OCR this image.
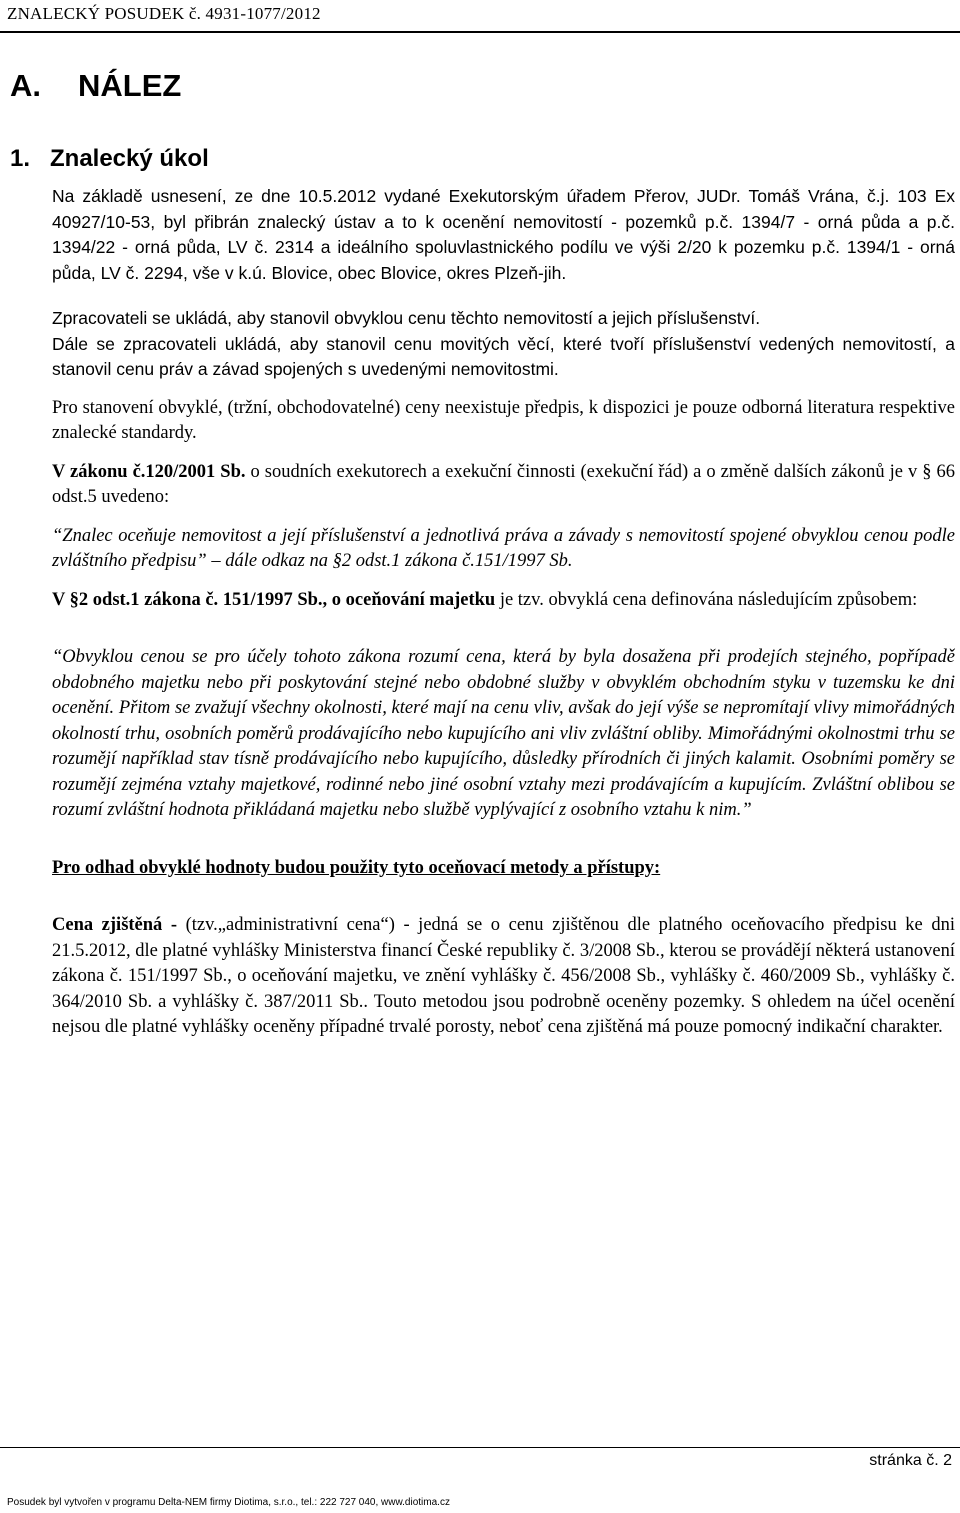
ZNALECKÝ POSUDEK č. 4931-1077/2012
A. NÁLEZ
1. Znalecký úkol

Na základě usnesení, ze dne 10.5.2012 vydané Exekutorským úřadem Přerov, JUDr. Tomáš Vrána, č.j. 103 Ex 40927/10-53, byl přibrán znalecký ústav a to k ocenění nemovitostí - pozemků p.č. 1394/7 - orná půda a p.č. 1394/22 - orná půda, LV č. 2314 a ideálního spoluvlastnického podílu ve výši 2/20 k pozemku p.č. 1394/1 - orná půda, LV č. 2294, vše v k.ú. Blovice, obec Blovice, okres Plzeň-jih.

Zpracovateli se ukládá, aby stanovil obvyklou cenu těchto nemovitostí a jejich příslušenství.

Dále se zpracovateli ukládá, aby stanovil cenu movitých věcí, které tvoří příslušenství vedených nemovitostí, a stanovil cenu práv a závad spojených s uvedenými nemovitostmi.

Pro stanovení obvyklé, (tržní, obchodovatelné) ceny neexistuje předpis, k dispozici je pouze odborná literatura respektive znalecké standardy.

V zákonu č.120/2001 Sb. o soudních exekutorech a exekuční činnosti (exekuční řád) a o změně dalších zákonů je v § 66 odst.5 uvedeno:

“Znalec oceňuje nemovitost a její příslušenství a jednotlivá práva a závady s nemovitostí spojené obvyklou cenou podle zvláštního předpisu” – dále odkaz na §2 odst.1 zákona č.151/1997 Sb.

V §2 odst.1 zákona č. 151/1997 Sb., o oceňování majetku je tzv. obvyklá cena definována následujícím způsobem:

“Obvyklou cenou se pro účely tohoto zákona rozumí cena, která by byla dosažena při prodejích stejného, popřípadě obdobného majetku nebo při poskytování stejné nebo obdobné služby v obvyklém obchodním styku v tuzemsku ke dni ocenění. Přitom se zvažují všechny okolnosti, které mají na cenu vliv, avšak do její výše se nepromítají vlivy mimořádných okolností trhu, osobních poměrů prodávajícího nebo kupujícího ani vliv zvláštní obliby. Mimořádnými okolnostmi trhu se rozumějí například stav tísně prodávajícího nebo kupujícího, důsledky přírodních či jiných kalamit. Osobními poměry se rozumějí zejména vztahy majetkové, rodinné nebo jiné osobní vztahy mezi prodávajícím a kupujícím. Zvláštní oblibou se rozumí zvláštní hodnota přikládaná majetku nebo službě vyplývající z osobního vztahu k nim.”

Pro odhad obvyklé hodnoty budou použity tyto oceňovací metody a přístupy:

Cena zjištěná - (tzv.„administrativní cena“) - jedná se o cenu zjištěnou dle platného oceňovacího předpisu ke dni 21.5.2012, dle platné vyhlášky Ministerstva financí České republiky č. 3/2008 Sb., kterou se provádějí některá ustanovení zákona č. 151/1997 Sb., o oceňování majetku, ve znění vyhlášky č. 456/2008 Sb., vyhlášky č. 460/2009 Sb., vyhlášky č. 364/2010 Sb. a vyhlášky č. 387/2011 Sb.. Touto metodou jsou podrobně oceněny pozemky. S ohledem na účel ocenění nejsou dle platné vyhlášky oceněny případné trvalé porosty, neboť cena zjištěná má pouze pomocný indikační charakter.

stránka č. 2
Posudek byl vytvořen v programu Delta-NEM firmy Diotima, s.r.o., tel.: 222 727 040, www.diotima.cz
